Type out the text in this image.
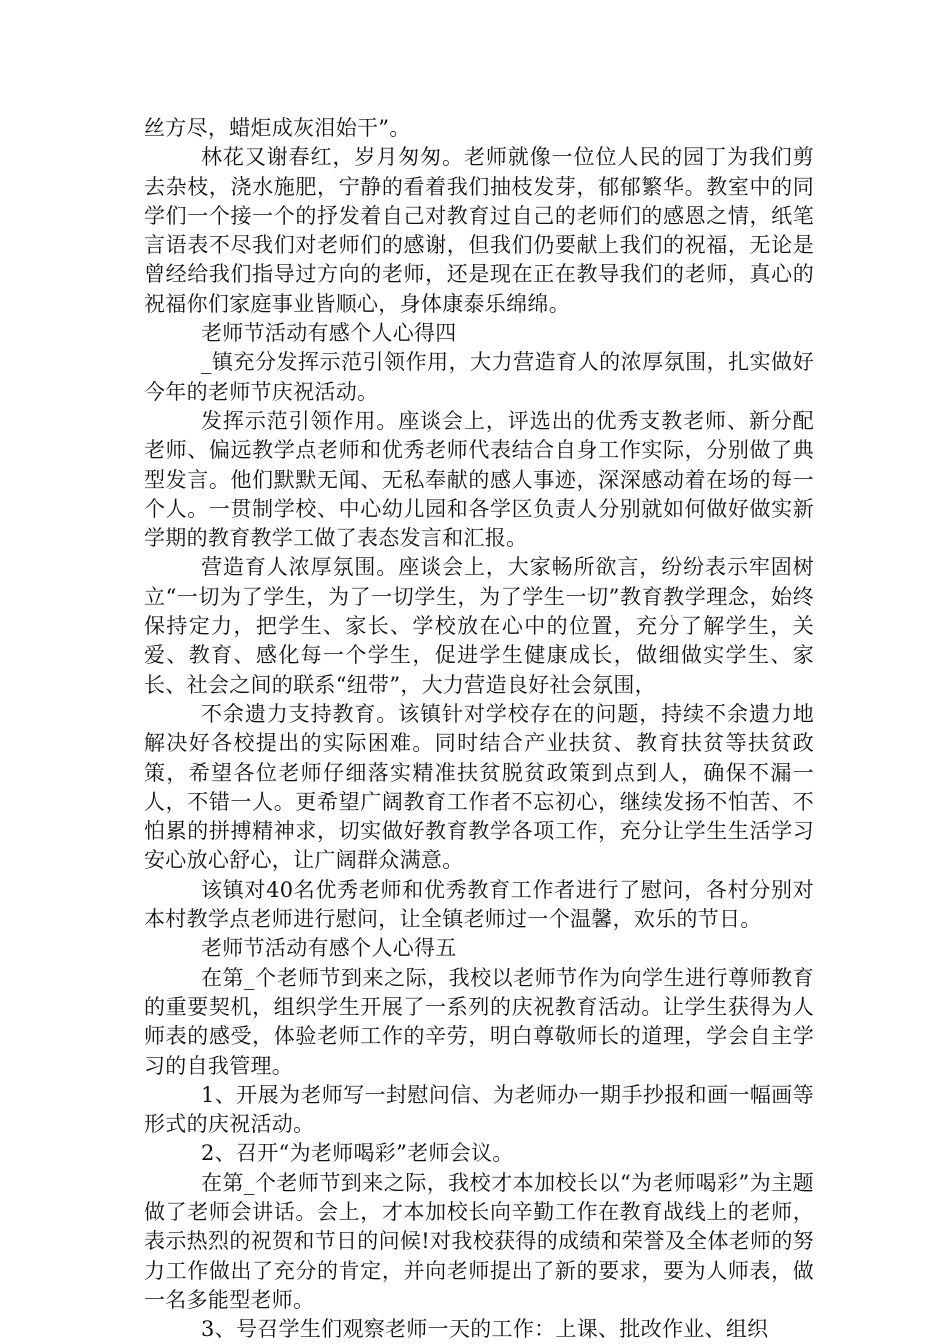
丝方尽，蜡炬成灰泪始干”。

林花又谢春红，岁月匆匆。老师就像一位位人民的园丁为我们剪去杂枝，浇水施肥，宁静的看着我们抽枝发芽，郁郁繁华。教室中的同学们一个接一个的抒发着自己对教育过自己的老师们的感恩之情，纸笔言语表不尽我们对老师们的感谢，但我们仍要献上我们的祝福，无论是曾经给我们指导过方向的老师，还是现在正在教导我们的老师，真心的祝福你们家庭事业皆顺心，身体康泰乐绵绵。

老师节活动有感个人心得四

_镇充分发挥示范引领作用，大力营造育人的浓厚氛围，扎实做好今年的老师节庆祝活动。

发挥示范引领作用。座谈会上，评选出的优秀支教老师、新分配老师、偏远教学点老师和优秀老师代表结合自身工作实际，分别做了典型发言。他们默默无闻、无私奉献的感人事迹，深深感动着在场的每一个人。一贯制学校、中心幼儿园和各学区负责人分别就如何做好做实新学期的教育教学工做了表态发言和汇报。

营造育人浓厚氛围。座谈会上，大家畅所欲言，纷纷表示牢固树立“一切为了学生，为了一切学生，为了学生一切”教育教学理念，始终保持定力，把学生、家长、学校放在心中的位置，充分了解学生，关爱、教育、感化每一个学生，促进学生健康成长，做细做实学生、家长、社会之间的联系“纽带”，大力营造良好社会氛围，

不余遗力支持教育。该镇针对学校存在的问题，持续不余遗力地解决好各校提出的实际困难。同时结合产业扶贫、教育扶贫等扶贫政策，希望各位老师仔细落实精准扶贫脱贫政策到点到人，确保不漏一人，不错一人。更希望广阔教育工作者不忘初心，继续发扬不怕苦、不怕累的拼搏精神求，切实做好教育教学各项工作，充分让学生生活学习安心放心舒心，让广阔群众满意。

该镇对40名优秀老师和优秀教育工作者进行了慰问，各村分别对本村教学点老师进行慰问，让全镇老师过一个温馨，欢乐的节日。

老师节活动有感个人心得五

在第_个老师节到来之际，我校以老师节作为向学生进行尊师教育的重要契机，组织学生开展了一系列的庆祝教育活动。让学生获得为人师表的感受，体验老师工作的辛劳，明白尊敬师长的道理，学会自主学习的自我管理。

1、开展为老师写一封慰问信、为老师办一期手抄报和画一幅画等形式的庆祝活动。

2、召开“为老师喝彩”老师会议。

在第_个老师节到来之际，我校才本加校长以“为老师喝彩”为主题做了老师会讲话。会上，才本加校长向辛勤工作在教育战线上的老师，表示热烈的祝贺和节日的问候!对我校获得的成绩和荣誉及全体老师的努力工作做出了充分的肯定，并向老师提出了新的要求，要为人师表，做一名多能型老师。

3、号召学生们观察老师一天的工作：上课、批改作业、组织
